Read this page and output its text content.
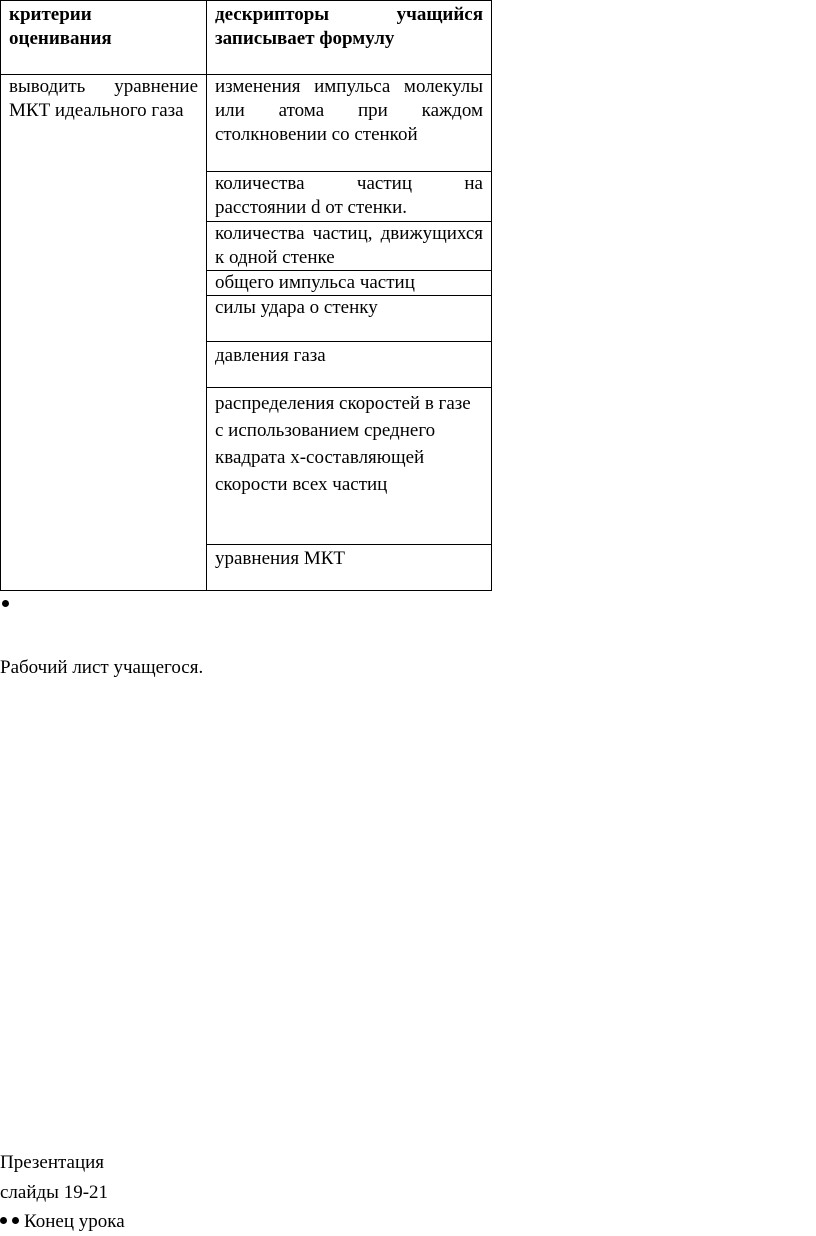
критерии оценивания	дескрипторы учащийся записывает формулу
выводить уравнение МКТ идеального газа	изменения импульса молекулы или атома при каждом столкновении со стенкой
	количества частиц на расстоянии d от стенки.
	количества частиц, движущихся к одной стенке
	общего импульса частиц
	силы удара о стенку
	давления газа
	распределения скоростей в газе с использованием среднего квадрата x-составляющей скорости всех частиц
	уравнения МКТ
Рабочий лист учащегося.
Презентация
слайды 19-21
Конец урока
